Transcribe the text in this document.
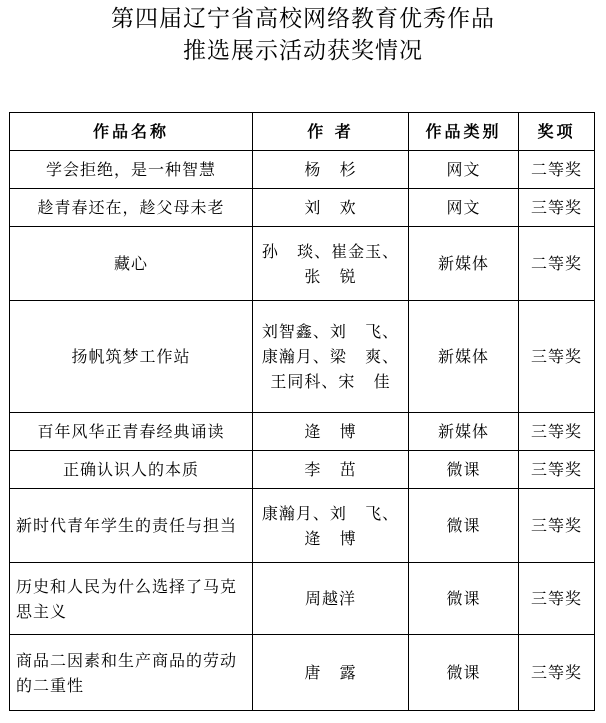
第四届辽宁省高校网络教育优秀作品
推选展示活动获奖情况
作品名称	作 者	作品类别	奖项
学会拒绝，是一种智慧	杨   杉	网文	二等奖
趁青春还在，趁父母未老	刘   欢	网文	三等奖
藏心	孙   琰、崔金玉、
张   锐	新媒体	二等奖
扬帆筑梦工作站	刘智鑫、刘   飞、
康瀚月、梁   爽、
王同科、宋   佳	新媒体	三等奖
百年风华正青春经典诵读	逄   博	新媒体	三等奖
正确认识人的本质	李   茁	微课	三等奖
新时代青年学生的责任与担当	康瀚月、刘   飞、
逄   博	微课	三等奖
历史和人民为什么选择了马克思主义	周越洋	微课	三等奖
商品二因素和生产商品的劳动的二重性	唐   露	微课	三等奖
